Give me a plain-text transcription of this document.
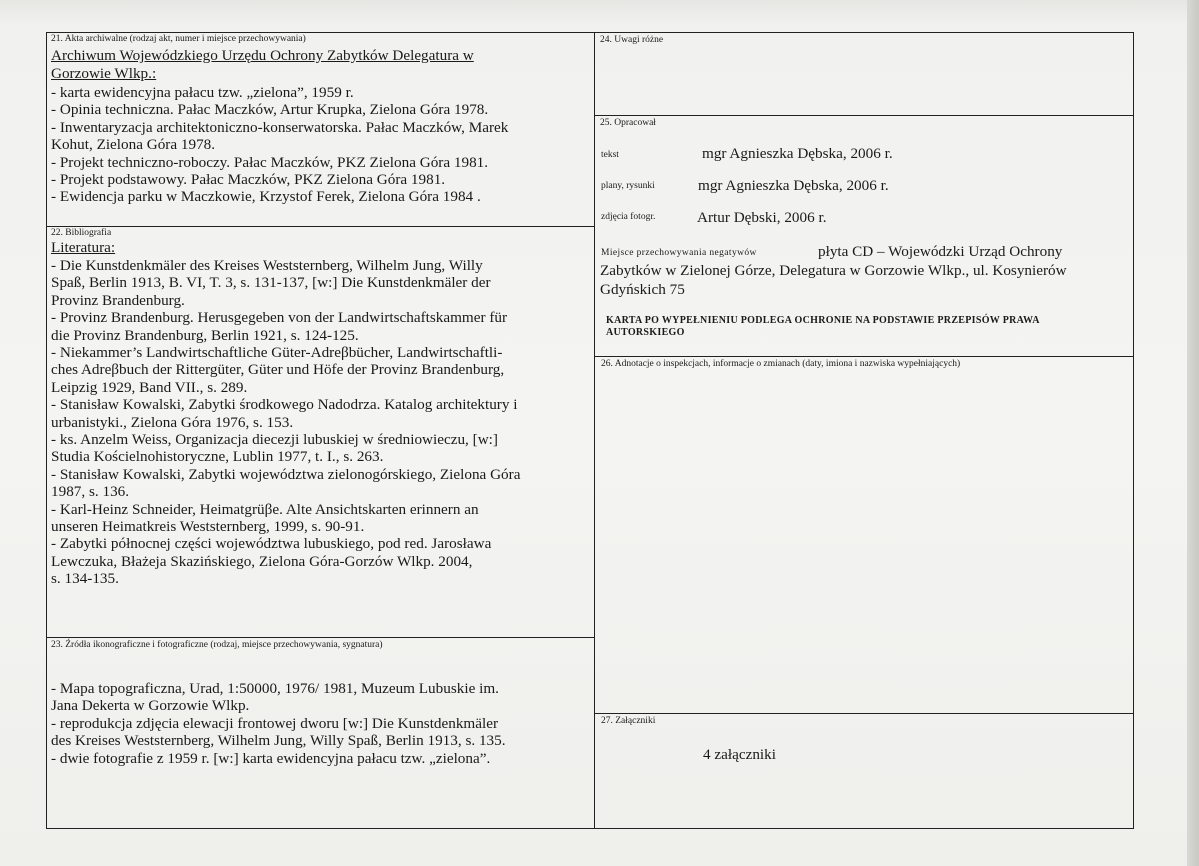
21. Akta archiwalne (rodzaj akt, numer i miejsce przechowywania)
Archiwum Wojewódzkiego Urzędu Ochrony Zabytków Delegatura w
Gorzowie Wlkp.:
- karta ewidencyjna pałacu tzw. „zielona”, 1959 r.
- Opinia techniczna. Pałac Maczków, Artur Krupka, Zielona Góra 1978.
- Inwentaryzacja architektoniczno-konserwatorska. Pałac Maczków, Marek
Kohut, Zielona Góra 1978.
- Projekt techniczno-roboczy. Pałac Maczków, PKZ Zielona Góra 1981.
- Projekt podstawowy. Pałac Maczków, PKZ Zielona Góra 1981.
- Ewidencja parku w Maczkowie, Krzystof Ferek, Zielona Góra 1984 .
22. Bibliografia
Literatura:
- Die Kunstdenkmäler des Kreises Weststernberg, Wilhelm Jung, Willy
Spaß, Berlin 1913, B. VI, T. 3, s. 131-137, [w:] Die Kunstdenkmäler der
Provinz Brandenburg.
- Provinz Brandenburg. Herusgegeben von der Landwirtschaftskammer für
die Provinz Brandenburg, Berlin 1921, s. 124-125.
- Niekammer’s Landwirtschaftliche Güter-Adreβbücher, Landwirtschaftli-
ches Adreβbuch der Rittergüter, Güter und Höfe der Provinz Brandenburg,
Leipzig 1929, Band VII., s. 289.
- Stanisław Kowalski, Zabytki środkowego Nadodrza. Katalog architektury i
urbanistyki., Zielona Góra 1976, s. 153.
- ks. Anzelm Weiss, Organizacja diecezji lubuskiej w średniowieczu, [w:]
Studia Kościelnohistoryczne, Lublin 1977, t. I., s. 263.
- Stanisław Kowalski, Zabytki województwa zielonogórskiego, Zielona Góra
1987, s. 136.
- Karl-Heinz Schneider, Heimatgrüβe. Alte Ansichtskarten erinnern an
unseren Heimatkreis Weststernberg, 1999, s. 90-91.
- Zabytki północnej części województwa lubuskiego, pod red. Jarosława
Lewczuka, Błażeja Skazińskiego, Zielona Góra-Gorzów Wlkp. 2004,
s. 134-135.
23. Źródła ikonograficzne i fotograficzne (rodzaj, miejsce przechowywania, sygnatura)
- Mapa topograficzna, Urad, 1:50000, 1976/ 1981, Muzeum Lubuskie im.
Jana Dekerta w Gorzowie Wlkp.
- reprodukcja zdjęcia elewacji frontowej dworu [w:] Die Kunstdenkmäler
des Kreises Weststernberg, Wilhelm Jung, Willy Spaß, Berlin 1913, s. 135.
- dwie fotografie z 1959 r. [w:] karta ewidencyjna pałacu tzw. „zielona”.
24. Uwagi różne
25. Opracował
tekst	mgr Agnieszka Dębska, 2006 r.
plany, rysunki	mgr Agnieszka Dębska, 2006 r.
zdjęcia fotogr.	Artur Dębski, 2006 r.
Miejsce przechowywania negatywów	płyta CD – Wojewódzki Urząd Ochrony
Zabytków w Zielonej Górze, Delegatura w Gorzowie Wlkp., ul. Kosynierów
Gdyńskich 75
KARTA PO WYPEŁNIENIU PODLEGA OCHRONIE NA PODSTAWIE PRZEPISÓW PRAWA
AUTORSKIEGO
26. Adnotacje o inspekcjach, informacje o zmianach (daty, imiona i nazwiska wypełniających)
27. Załączniki
4 załączniki
